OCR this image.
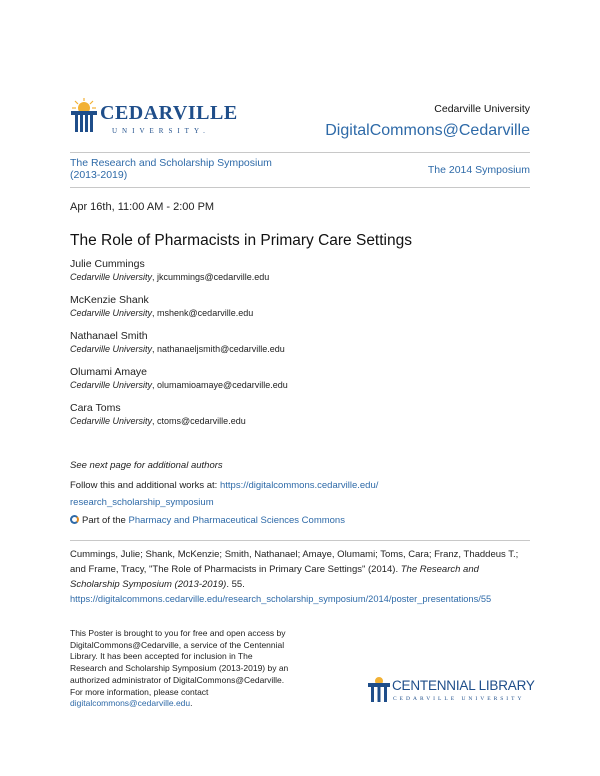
CEDARVILLE
UNIVERSITY.
Cedarville University
DigitalCommons@Cedarville
The Research and Scholarship Symposium (2013-2019)	The 2014 Symposium
Apr 16th, 11:00 AM - 2:00 PM
The Role of Pharmacists in Primary Care Settings
Julie Cummings
Cedarville University, jkcummings@cedarville.edu
McKenzie Shank
Cedarville University, mshenk@cedarville.edu
Nathanael Smith
Cedarville University, nathanaeljsmith@cedarville.edu
Olumami Amaye
Cedarville University, olumamioamaye@cedarville.edu
Cara Toms
Cedarville University, ctoms@cedarville.edu
See next page for additional authors
Follow this and additional works at: https://digitalcommons.cedarville.edu/
research_scholarship_symposium
Part of the Pharmacy and Pharmaceutical Sciences Commons
Cummings, Julie; Shank, McKenzie; Smith, Nathanael; Amaye, Olumami; Toms, Cara; Franz, Thaddeus T.;
and Frame, Tracy, "The Role of Pharmacists in Primary Care Settings" (2014). The Research and
Scholarship Symposium (2013-2019). 55.
https://digitalcommons.cedarville.edu/research_scholarship_symposium/2014/poster_presentations/55
This Poster is brought to you for free and open access by
DigitalCommons@Cedarville, a service of the Centennial
Library. It has been accepted for inclusion in The
Research and Scholarship Symposium (2013-2019) by an
authorized administrator of DigitalCommons@Cedarville.
For more information, please contact
digitalcommons@cedarville.edu.
CENTENNIAL LIBRARY
CEDARVILLE UNIVERSITY
